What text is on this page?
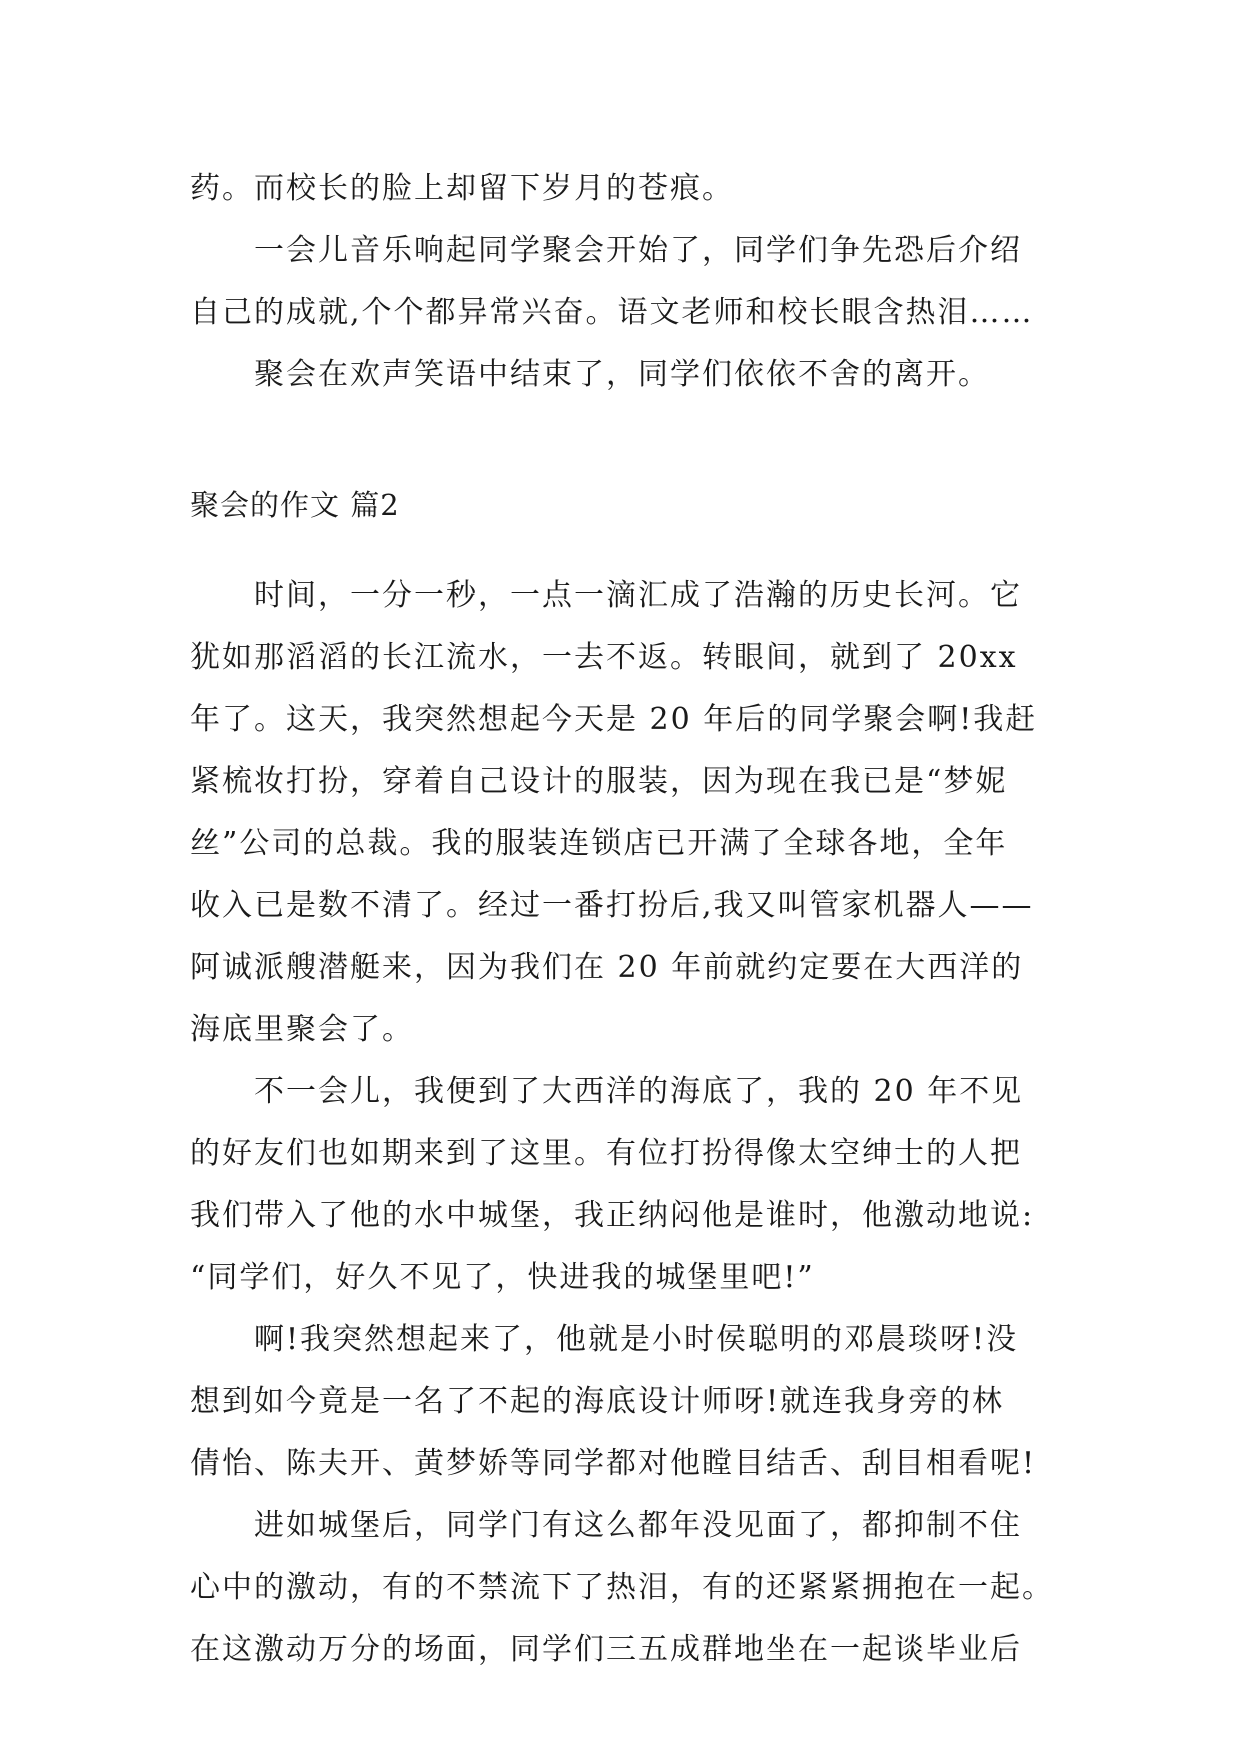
药。而校长的脸上却留下岁月的苍痕。

一会儿音乐响起同学聚会开始了，同学们争先恐后介绍

自己的成就,个个都异常兴奋。语文老师和校长眼含热泪……

聚会在欢声笑语中结束了，同学们依依不舍的离开。

聚会的作文 篇2

时间，一分一秒，一点一滴汇成了浩瀚的历史长河。它

犹如那滔滔的长江流水，一去不返。转眼间，就到了 20xx

年了。这天，我突然想起今天是 20 年后的同学聚会啊!我赶

紧梳妆打扮，穿着自己设计的服装，因为现在我已是“梦妮

丝”公司的总裁。我的服装连锁店已开满了全球各地，全年

收入已是数不清了。经过一番打扮后,我又叫管家机器人——

阿诚派艘潜艇来，因为我们在 20 年前就约定要在大西洋的

海底里聚会了。

不一会儿，我便到了大西洋的海底了，我的 20 年不见

的好友们也如期来到了这里。有位打扮得像太空绅士的人把

我们带入了他的水中城堡，我正纳闷他是谁时，他激动地说:

“同学们，好久不见了，快进我的城堡里吧!”

啊!我突然想起来了，他就是小时侯聪明的邓晨琰呀!没

想到如今竟是一名了不起的海底设计师呀!就连我身旁的林

倩怡、陈夫开、黄梦娇等同学都对他瞠目结舌、刮目相看呢!

进如城堡后，同学门有这么都年没见面了，都抑制不住

心中的激动，有的不禁流下了热泪，有的还紧紧拥抱在一起。

在这激动万分的场面，同学们三五成群地坐在一起谈毕业后
